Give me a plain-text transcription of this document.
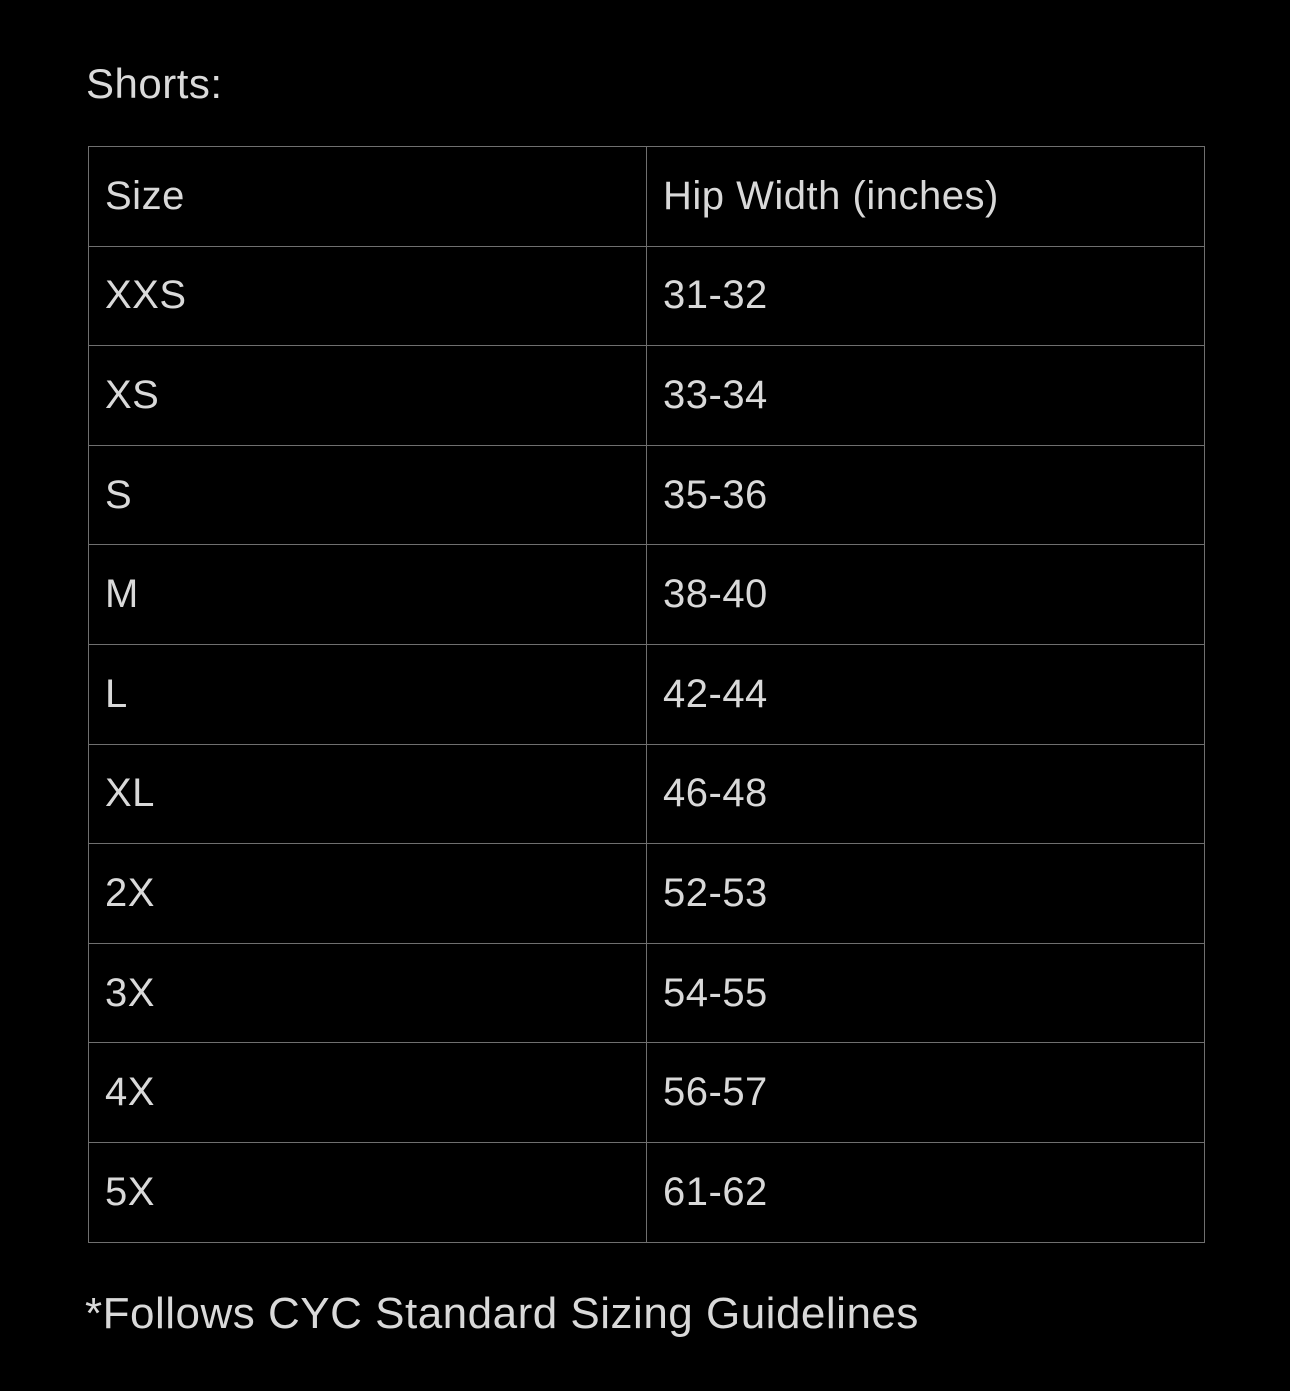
Shorts:
Size	Hip Width (inches)
XXS	31-32
XS	33-34
S	35-36
M	38-40
L	42-44
XL	46-48
2X	52-53
3X	54-55
4X	56-57
5X	61-62
*Follows CYC Standard Sizing Guidelines
